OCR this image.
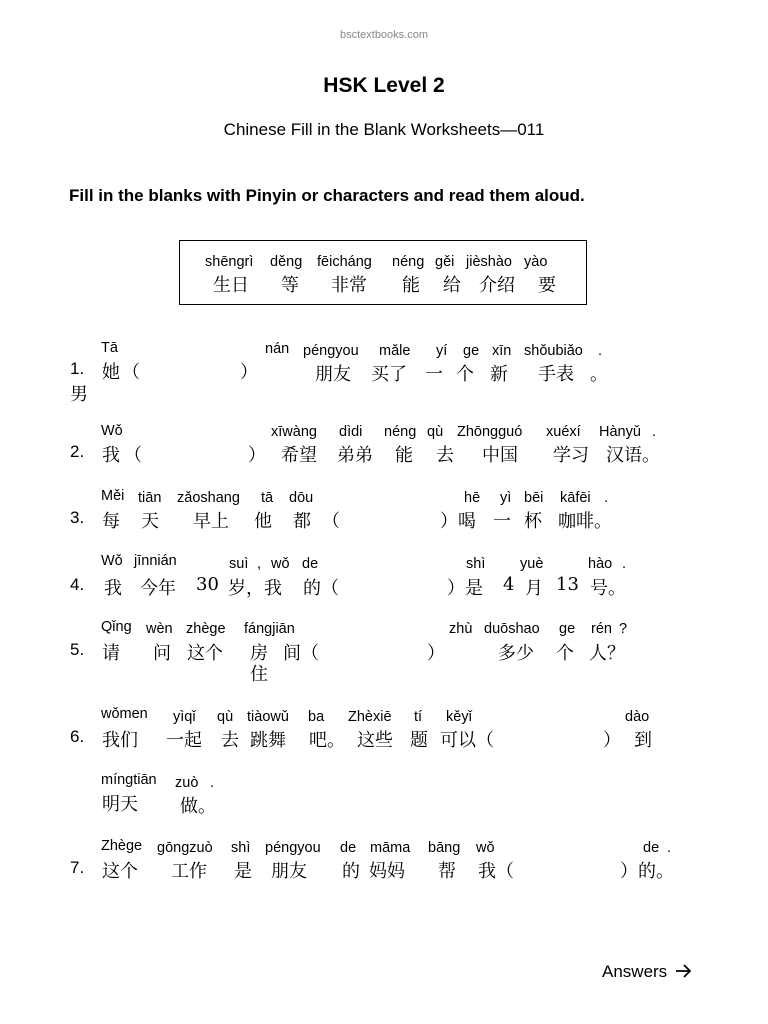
bsctextbooks.com
HSK Level 2
Chinese Fill in the Blank Worksheets—011
Fill in the blanks with Pinyin or characters and read them aloud.
shēngrì děng fēicháng néng gěi jièshào yào
生日 等 非常 能 给 介绍 要
Tā	nán péngyou mǎle yí ge xīn shǒubiǎo .
1. 她 （	）	朋友 买了 一 个 新 手表 。
男
Wǒ	xīwàng dìdi néng qù Zhōngguó xuéxí Hànyǔ .
2. 我 （	） 希望 弟弟 能 去 中国 学习 汉语。
Měi tiān zǎoshang tā dōu	hē yì bēi kāfēi .
3. 每 天 早上 他 都 （	）喝 一 杯 咖啡。
Wǒ jīnnián	suì , wǒ de	shì yuè	hào .
4. 我 今年 30 岁，我 的（	）是 4 月 13 号。
Qǐng wèn zhège fángjiān	zhù duōshao ge rén ?
5. 请 问 这个 房 间（	）	多少 个 人？
住
wǒmen yìqǐ qù tiàowǔ ba Zhèxiē tí kěyǐ	dào
6. 我们 一起 去 跳舞 吧。 这些 题 可以（	） 到
míngtiān zuò .
明天 做。
Zhège gōngzuò shì péngyou de māma bāng wǒ	de .
7. 这个 工作 是 朋友 的 妈妈 帮 我（	）的。
Answers
